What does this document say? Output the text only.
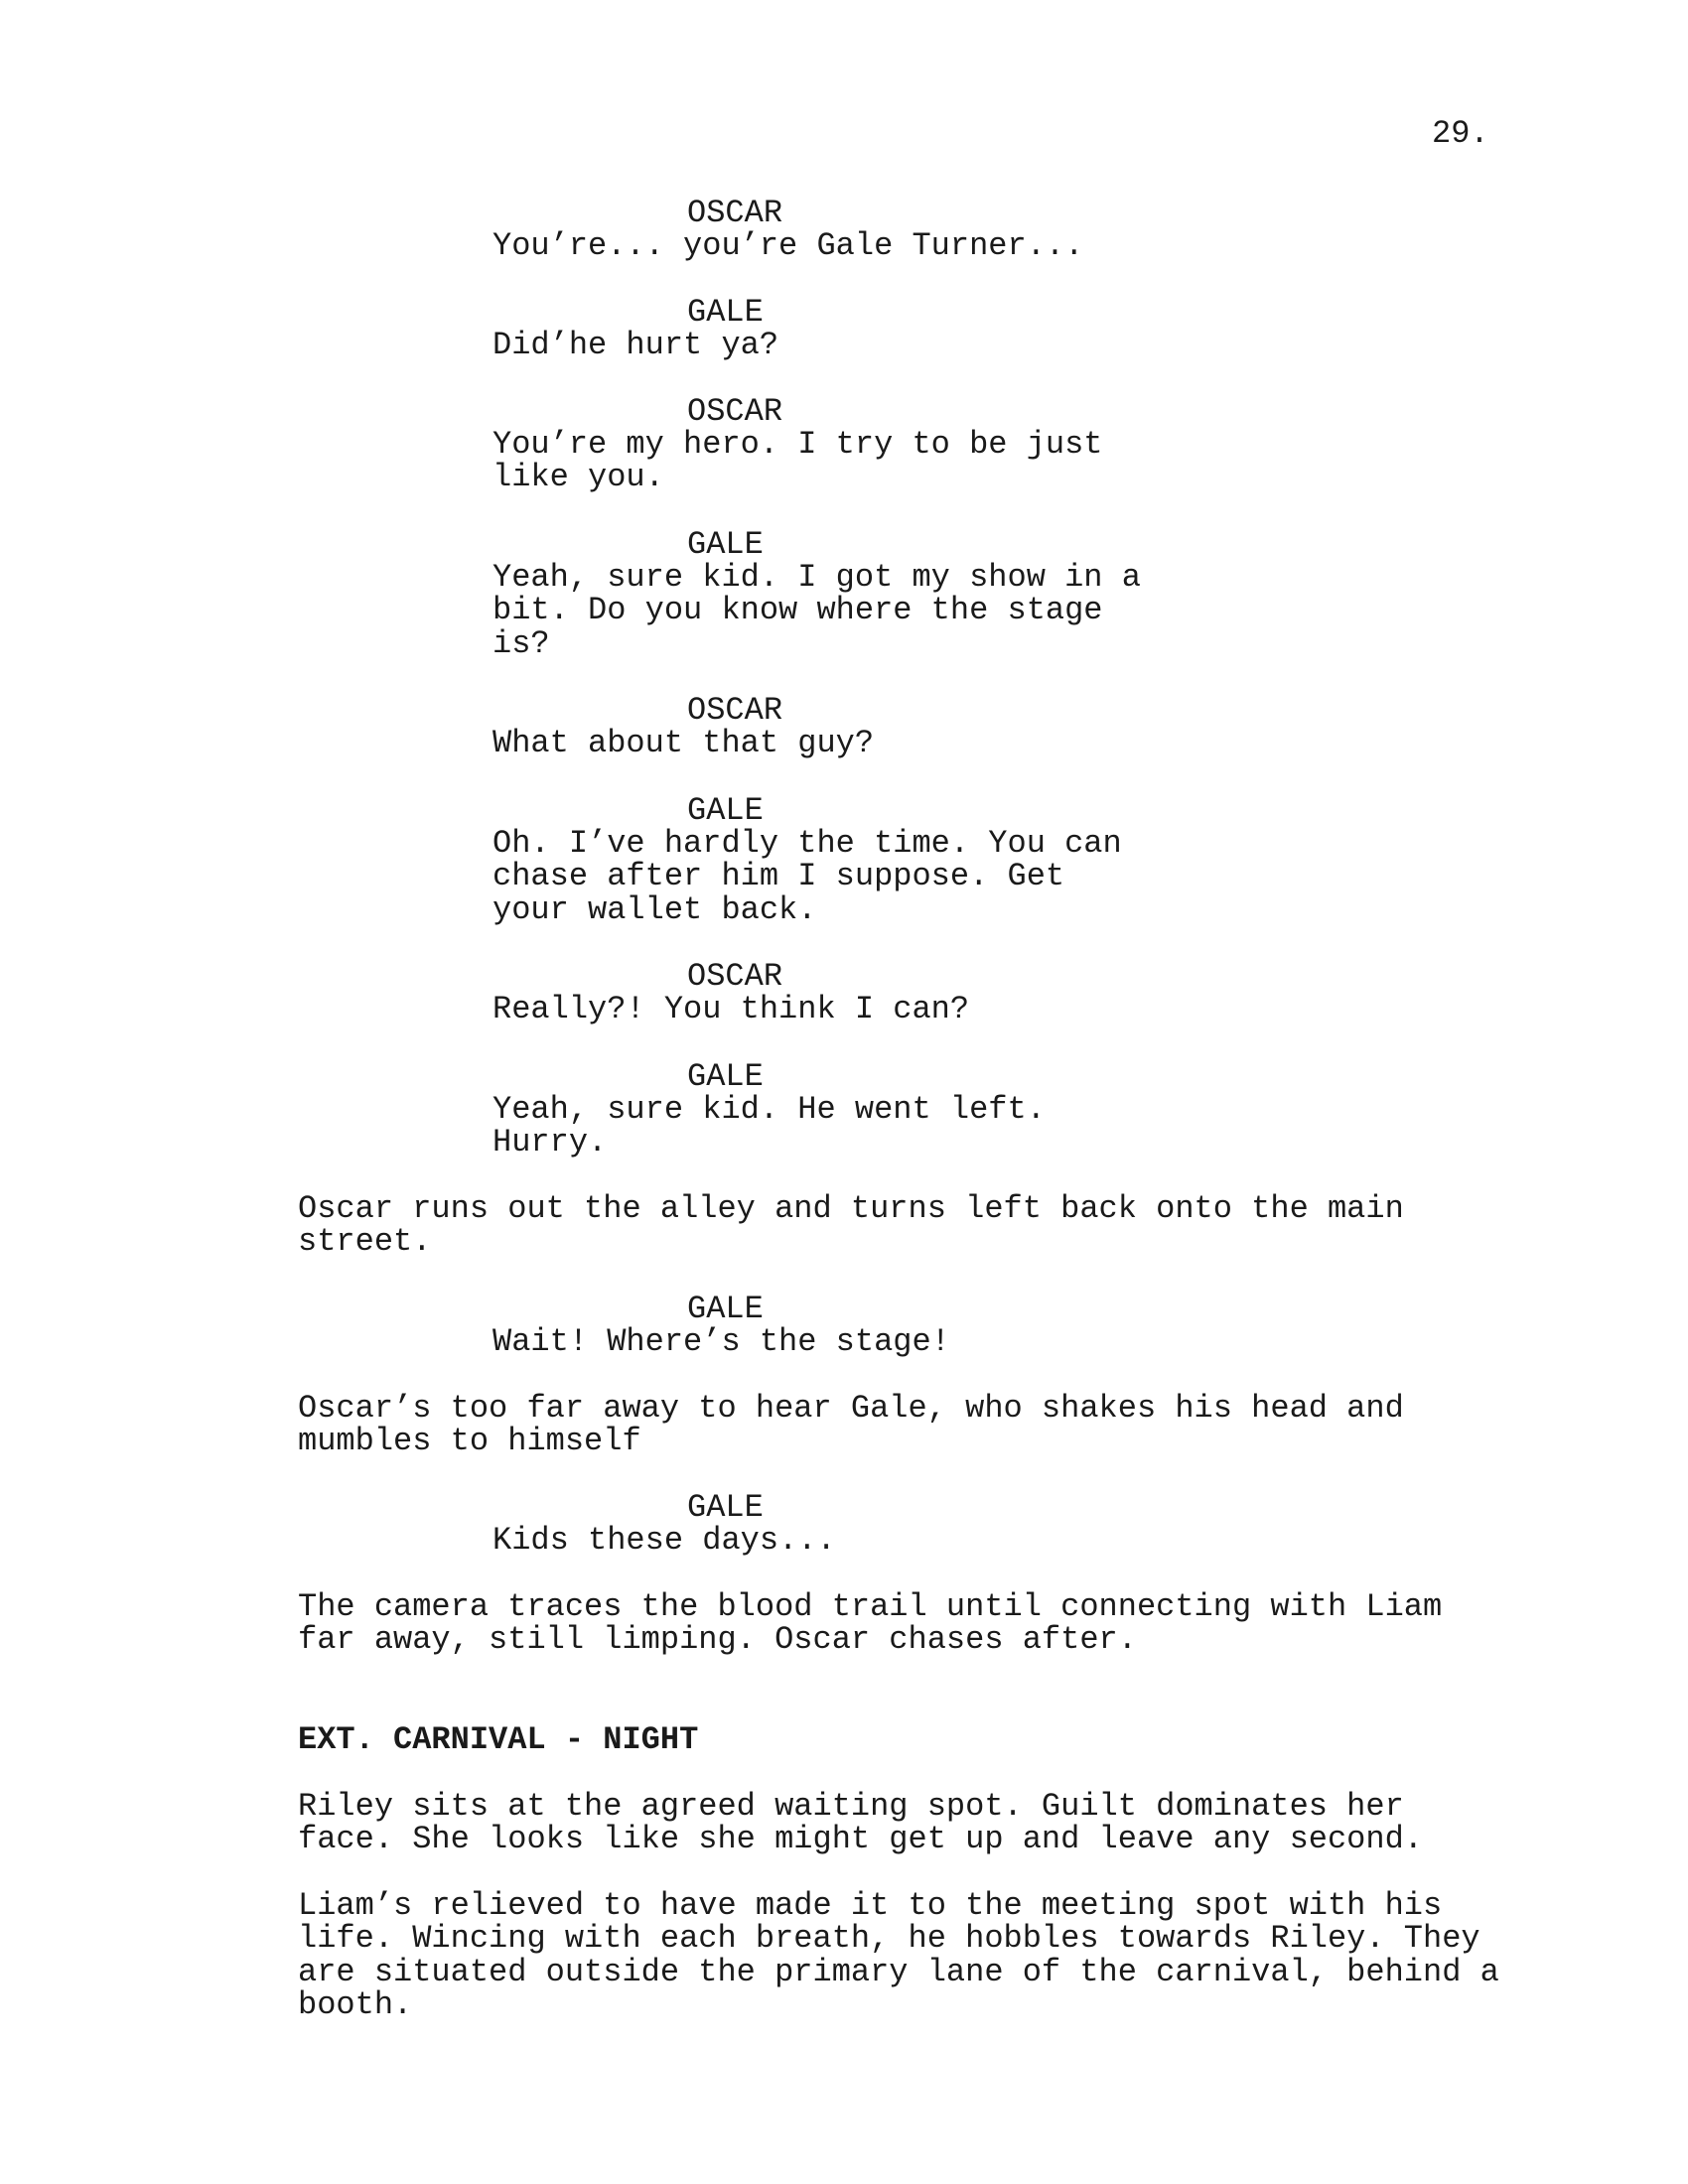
29.
OSCAR
You’re... you’re Gale Turner...
GALE
Did’he hurt ya?
OSCAR
You’re my hero. I try to be just
like you.
GALE
Yeah, sure kid. I got my show in a
bit. Do you know where the stage
is?
OSCAR
What about that guy?
GALE
Oh. I’ve hardly the time. You can
chase after him I suppose. Get
your wallet back.
OSCAR
Really?! You think I can?
GALE
Yeah, sure kid. He went left.
Hurry.
Oscar runs out the alley and turns left back onto the main
street.
GALE
Wait! Where’s the stage!
Oscar’s too far away to hear Gale, who shakes his head and
mumbles to himself
GALE
Kids these days...
The camera traces the blood trail until connecting with Liam
far away, still limping. Oscar chases after.
EXT. CARNIVAL - NIGHT
Riley sits at the agreed waiting spot. Guilt dominates her
face. She looks like she might get up and leave any second.
Liam’s relieved to have made it to the meeting spot with his
life. Wincing with each breath, he hobbles towards Riley. They
are situated outside the primary lane of the carnival, behind a
booth.
